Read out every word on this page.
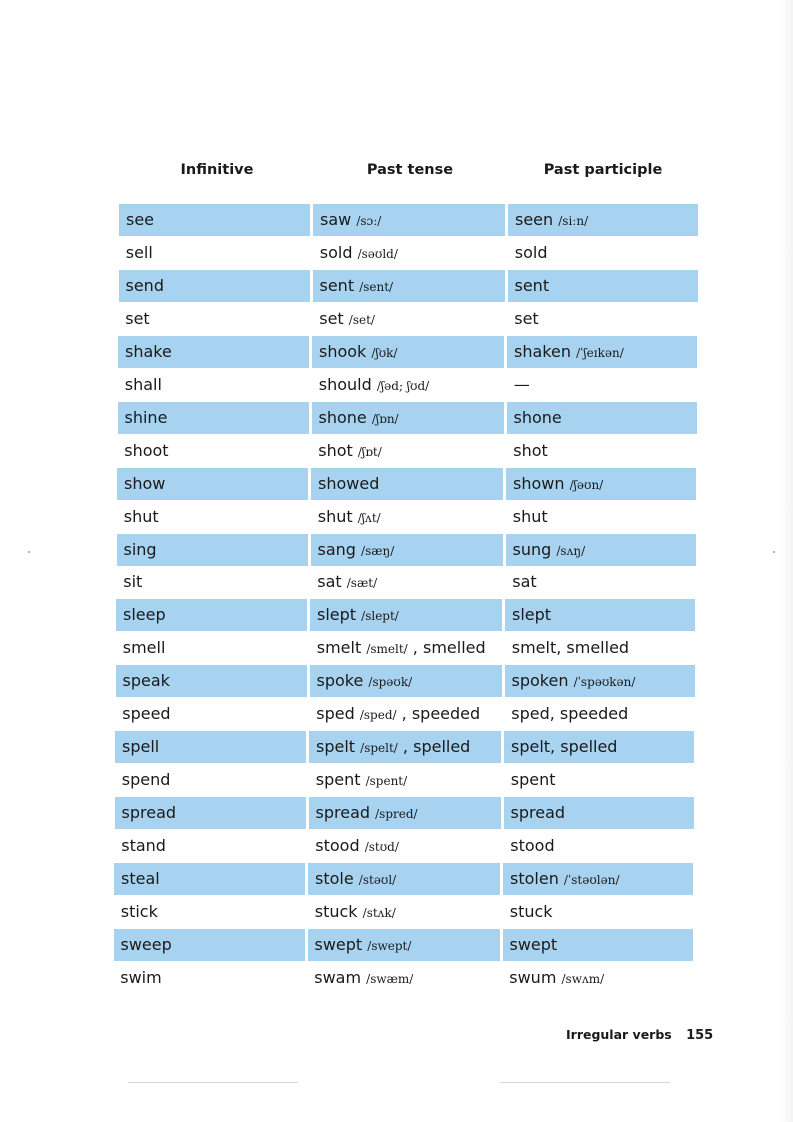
Infinitive	Past tense	Past participle
see	saw /sɔː/	seen /siːn/
sell	sold /səʊld/	sold
send	sent /sent/	sent
set	set /set/	set
shake	shook /ʃʊk/	shaken /ˈʃeɪkən/
shall	should /ʃəd; ʃʊd/	—
shine	shone /ʃɒn/	shone
shoot	shot /ʃɒt/	shot
show	showed	shown /ʃəʊn/
shut	shut /ʃʌt/	shut
sing	sang /sæŋ/	sung /sʌŋ/
sit	sat /sæt/	sat
sleep	slept /slept/	slept
smell	smelt /smelt/ , smelled	smelt, smelled
speak	spoke /spəʊk/	spoken /ˈspəʊkən/
speed	sped /sped/ , speeded	sped, speeded
spell	spelt /spelt/ , spelled	spelt, spelled
spend	spent /spent/	spent
spread	spread /spred/	spread
stand	stood /stʊd/	stood
steal	stole /stəʊl/	stolen /ˈstəʊlən/
stick	stuck /stʌk/	stuck
sweep	swept /swept/	swept
swim	swam /swæm/	swum /swʌm/
Irregular verbs 155
